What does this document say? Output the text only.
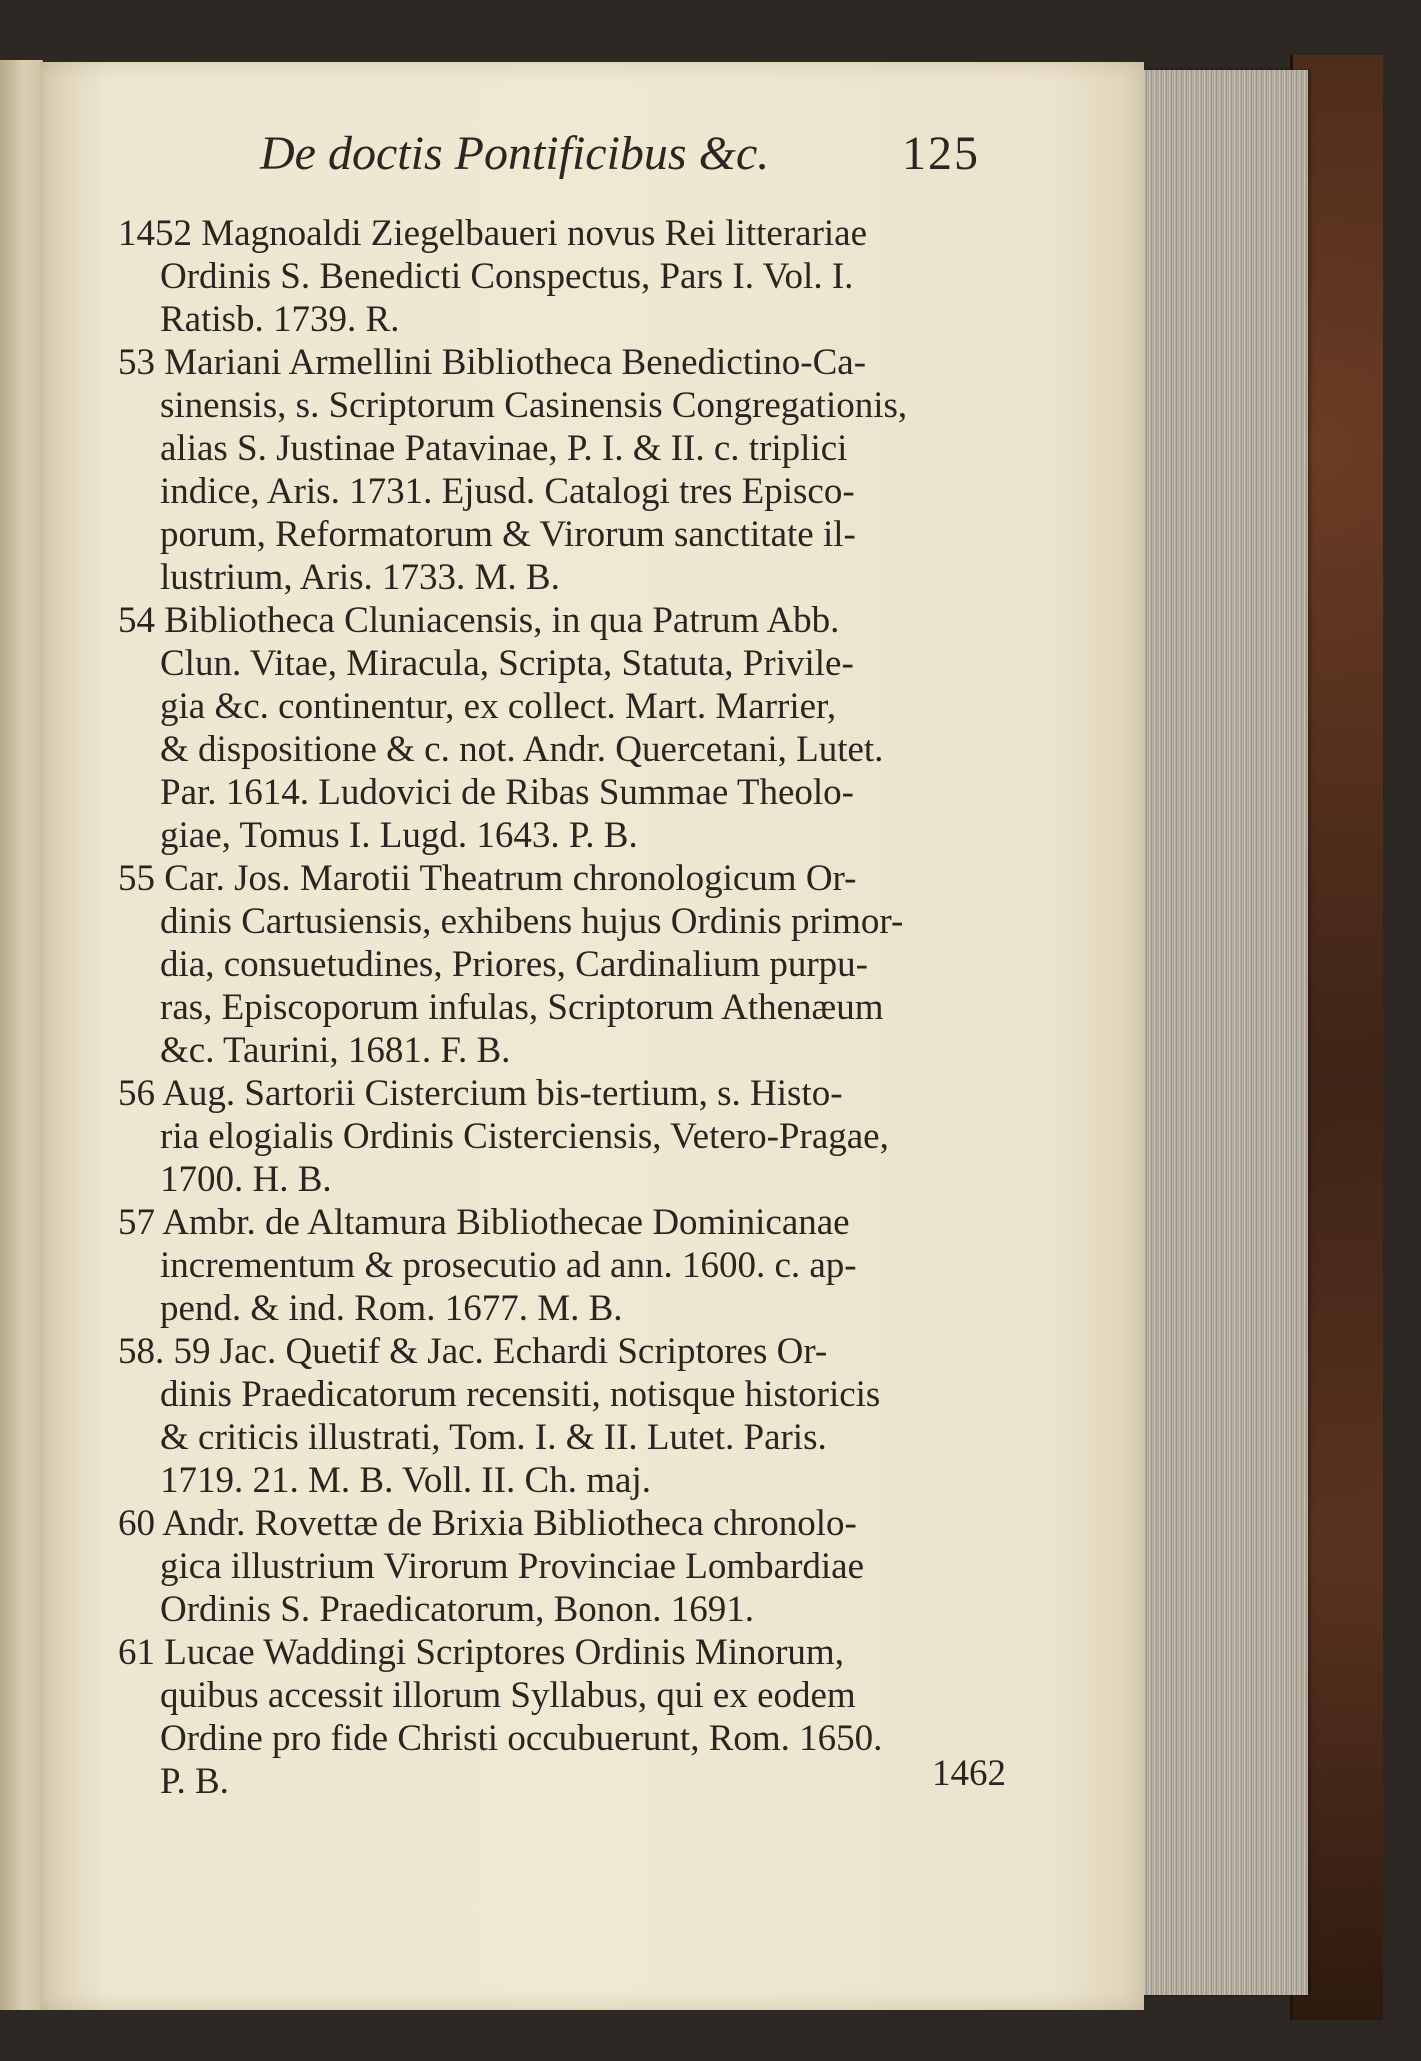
De doctis Pontificibus &c.	125
1452 Magnoaldi Ziegelbaueri novus Rei litterariae
Ordinis S. Benedicti Conspectus, Pars I. Vol. I.
Ratisb. 1739. R.
53 Mariani Armellini Bibliotheca Benedictino-Ca-
sinensis, s. Scriptorum Casinensis Congregationis,
alias S. Justinae Patavinae, P. I. & II. c. triplici
indice, Aris. 1731. Ejusd. Catalogi tres Episco-
porum, Reformatorum & Virorum sanctitate il-
lustrium, Aris. 1733. M. B.
54 Bibliotheca Cluniacensis, in qua Patrum Abb.
Clun. Vitae, Miracula, Scripta, Statuta, Privile-
gia &c. continentur, ex collect. Mart. Marrier,
& dispositione & c. not. Andr. Quercetani, Lutet.
Par. 1614. Ludovici de Ribas Summae Theolo-
giae, Tomus I. Lugd. 1643. P. B.
55 Car. Jos. Marotii Theatrum chronologicum Or-
dinis Cartusiensis, exhibens hujus Ordinis primor-
dia, consuetudines, Priores, Cardinalium purpu-
ras, Episcoporum infulas, Scriptorum Athenæum
&c. Taurini, 1681. F. B.
56 Aug. Sartorii Cistercium bis-tertium, s. Histo-
ria elogialis Ordinis Cisterciensis, Vetero-Pragae,
1700. H. B.
57 Ambr. de Altamura Bibliothecae Dominicanae
incrementum & prosecutio ad ann. 1600. c. ap-
pend. & ind. Rom. 1677. M. B.
58. 59 Jac. Quetif & Jac. Echardi Scriptores Or-
dinis Praedicatorum recensiti, notisque historicis
& criticis illustrati, Tom. I. & II. Lutet. Paris.
1719. 21. M. B. Voll. II. Ch. maj.
60 Andr. Rovettæ de Brixia Bibliotheca chronolo-
gica illustrium Virorum Provinciae Lombardiae
Ordinis S. Praedicatorum, Bonon. 1691.
61 Lucae Waddingi Scriptores Ordinis Minorum,
quibus accessit illorum Syllabus, qui ex eodem
Ordine pro fide Christi occubuerunt, Rom. 1650.
P. B.	1462
